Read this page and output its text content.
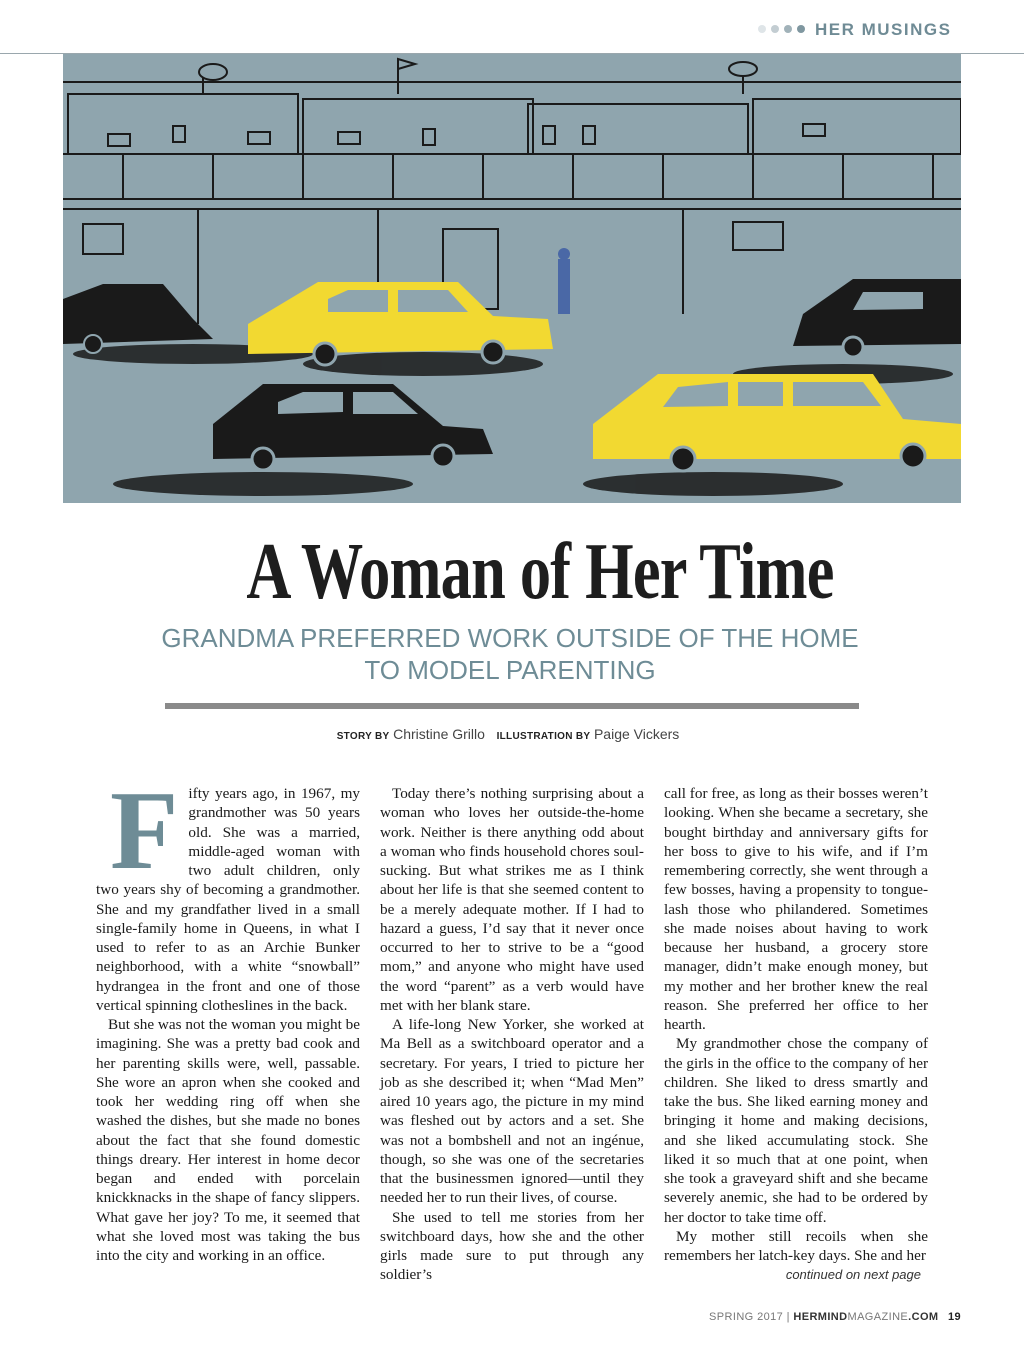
HER MUSINGS
A Woman of Her Time
GRANDMA PREFERRED WORK OUTSIDE OF THE HOME TO MODEL PARENTING
STORY BY Christine Grillo ILLUSTRATION BY Paige Vickers
F ifty years ago, in 1967, my grandmother was 50 years old. She was a married, middle-aged woman with two adult children, only two years shy of becoming a grandmother. She and my grandfather lived in a small single-family home in Queens, in what I used to refer to as an Archie Bunker neighborhood, with a white “snowball” hydrangea in the front and one of those vertical spinning clotheslines in the back.

But she was not the woman you might be imagining. She was a pretty bad cook and her parenting skills were, well, passable. She wore an apron when she cooked and took her wedding ring off when she washed the dishes, but she made no bones about the fact that she found domestic things dreary. Her interest in home decor began and ended with porcelain knickknacks in the shape of fancy slippers. What gave her joy? To me, it seemed that what she loved most was taking the bus into the city and working in an office.

Today there’s nothing surprising about a woman who loves her outside-the-home work. Neither is there anything odd about a woman who finds household chores soul-sucking. But what strikes me as I think about her life is that she seemed content to be a merely adequate mother. If I had to hazard a guess, I’d say that it never once occurred to her to strive to be a “good mom,” and anyone who might have used the word “parent” as a verb would have met with her blank stare.

A life-long New Yorker, she worked at Ma Bell as a switchboard operator and a secretary. For years, I tried to picture her job as she described it; when “Mad Men” aired 10 years ago, the picture in my mind was fleshed out by actors and a set. She was not a bombshell and not an ingénue, though, so she was one of the secretaries that the businessmen ignored—until they needed her to run their lives, of course.

She used to tell me stories from her switchboard days, how she and the other girls made sure to put through any soldier’s

call for free, as long as their bosses weren’t looking. When she became a secretary, she bought birthday and anniversary gifts for her boss to give to his wife, and if I’m remembering correctly, she went through a few bosses, having a propensity to tongue-lash those who philandered. Sometimes she made noises about having to work because her husband, a grocery store manager, didn’t make enough money, but my mother and her brother knew the real reason. She preferred her office to her hearth.

My grandmother chose the company of the girls in the office to the company of her children. She liked to dress smartly and take the bus. She liked earning money and bringing it home and making decisions, and she liked accumulating stock. She liked it so much that at one point, when she took a graveyard shift and she became severely anemic, she had to be ordered by her doctor to take time off.

My mother still recoils when she remembers her latch-key days. She and her

continued on next page
SPRING 2017 | HERMINDMAGAZINE.COM 19
